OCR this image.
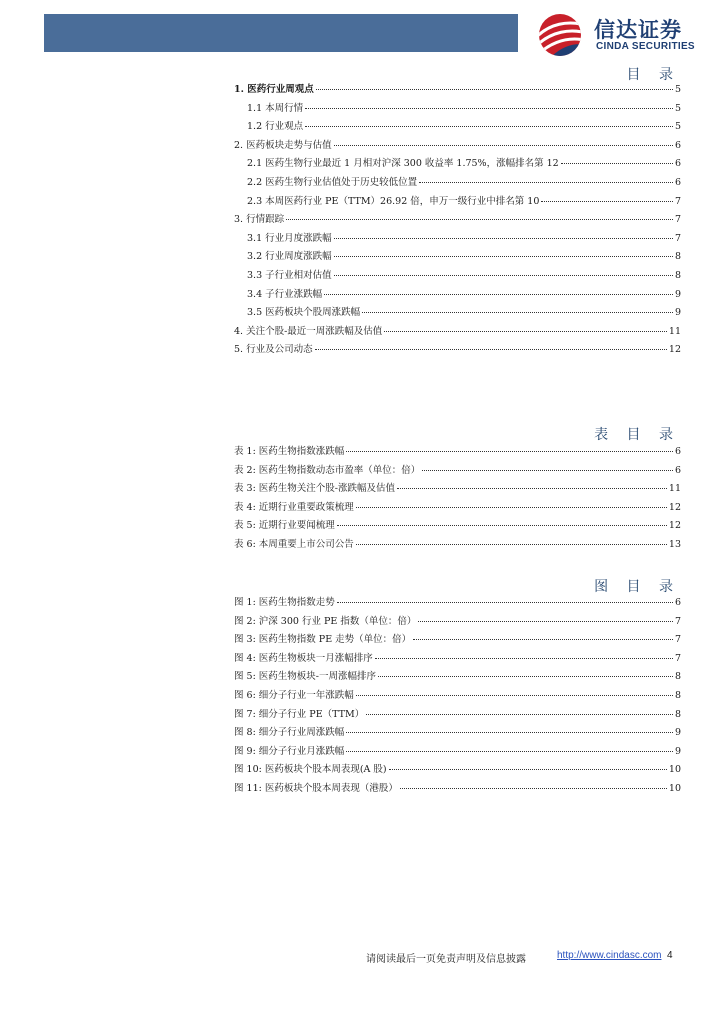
信达证券
CINDA SECURITIES
目 录
1. 医药行业周观点	5
1.1 本周行情	5
1.2 行业观点	5
2. 医药板块走势与估值	6
2.1 医药生物行业最近 1 月相对沪深 300 收益率 1.75%，涨幅排名第 12	6
2.2 医药生物行业估值处于历史较低位置	6
2.3 本周医药行业 PE（TTM）26.92 倍，申万一级行业中排名第 10	7
3. 行情跟踪	7
3.1 行业月度涨跌幅	7
3.2 行业周度涨跌幅	8
3.3 子行业相对估值	8
3.4 子行业涨跌幅	9
3.5 医药板块个股周涨跌幅	9
4. 关注个股-最近一周涨跌幅及估值	11
5. 行业及公司动态	12
表 目 录
表 1: 医药生物指数涨跌幅	6
表 2: 医药生物指数动态市盈率（单位：倍）	6
表 3: 医药生物关注个股-涨跌幅及估值	11
表 4: 近期行业重要政策梳理	12
表 5: 近期行业要闻梳理	12
表 6: 本周重要上市公司公告	13
图 目 录
图 1: 医药生物指数走势	6
图 2: 沪深 300 行业 PE 指数（单位：倍）	7
图 3: 医药生物指数 PE 走势（单位：倍）	7
图 4: 医药生物板块一月涨幅排序	7
图 5: 医药生物板块-一周涨幅排序	8
图 6: 细分子行业一年涨跌幅	8
图 7: 细分子行业 PE（TTM）	8
图 8: 细分子行业周涨跌幅	9
图 9: 细分子行业月涨跌幅	9
图 10: 医药板块个股本周表现(A 股)	10
图 11: 医药板块个股本周表现（港股）	10
请阅读最后一页免责声明及信息披露	http://www.cindasc.com 4
